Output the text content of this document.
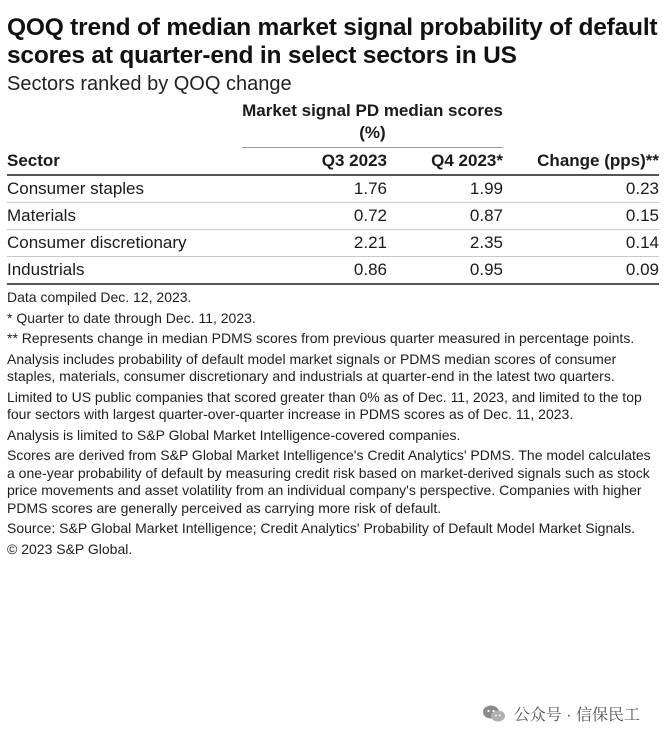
QOQ trend of median market signal probability of default scores at quarter-end in select sectors in US
Sectors ranked by QOQ change
	Market signal PD median scores (%)		
Sector	Q3 2023	Q4 2023*	Change (pps)**
Consumer staples	1.76	1.99	0.23
Materials	0.72	0.87	0.15
Consumer discretionary	2.21	2.35	0.14
Industrials	0.86	0.95	0.09

Data compiled Dec. 12, 2023.

* Quarter to date through Dec. 11, 2023.

** Represents change in median PDMS scores from previous quarter measured in percentage points.

Analysis includes probability of default model market signals or PDMS median scores of consumer staples, materials, consumer discretionary and industrials at quarter-end in the latest two quarters.

Limited to US public companies that scored greater than 0% as of Dec. 11, 2023, and limited to the top four sectors with largest quarter-over-quarter increase in PDMS scores as of Dec. 11, 2023.

Analysis is limited to S&P Global Market Intelligence-covered companies.

Scores are derived from S&P Global Market Intelligence's Credit Analytics' PDMS. The model calculates a one-year probability of default by measuring credit risk based on market-derived signals such as stock price movements and asset volatility from an individual company's perspective. Companies with higher PDMS scores are generally perceived as carrying more risk of default.

Source: S&P Global Market Intelligence; Credit Analytics' Probability of Default Model Market Signals.

© 2023 S&P Global.

公众号 · 信保民工
